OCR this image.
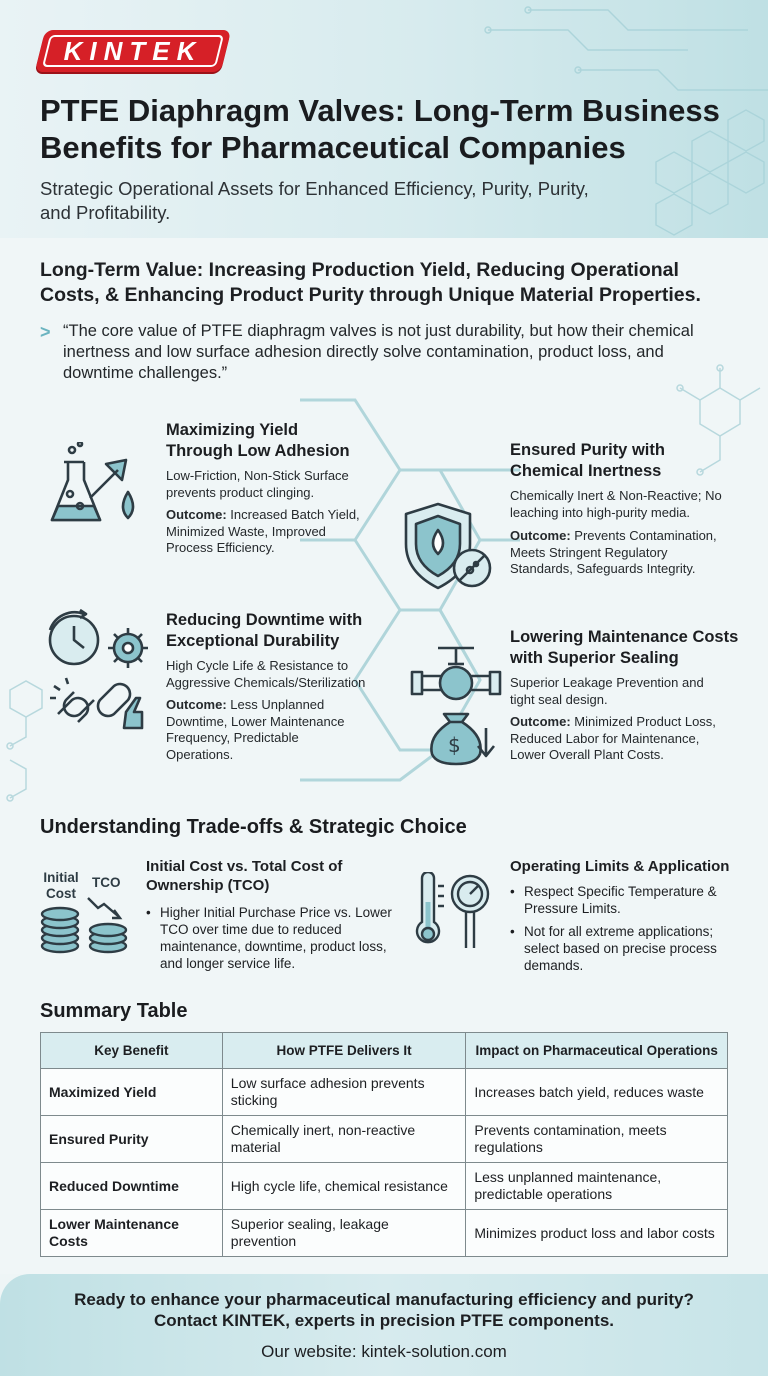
KINTEK
PTFE Diaphragm Valves: Long-Term Business Benefits for Pharmaceutical Companies
Strategic Operational Assets for Enhanced Efficiency, Purity, Purity, and Profitability.
Long-Term Value: Increasing Production Yield, Reducing Operational Costs, & Enhancing Product Purity through Unique Material Properties.
> “The core value of PTFE diaphragm valves is not just durability, but how their chemical inertness and low surface adhesion directly solve contamination, product loss, and downtime challenges.”
Maximizing Yield Through Low Adhesion
Low-Friction, Non-Stick Surface prevents product clinging.
Outcome: Increased Batch Yield, Minimized Waste, Improved Process Efficiency.
Ensured Purity with Chemical Inertness
Chemically Inert & Non-Reactive; No leaching into high-purity media.
Outcome: Prevents Contamination, Meets Stringent Regulatory Standards, Safeguards Integrity.
Reducing Downtime with Exceptional Durability
High Cycle Life & Resistance to Aggressive Chemicals/Sterilization
Outcome: Less Unplanned Downtime, Lower Maintenance Frequency, Predictable Operations.	$
Lowering Maintenance Costs with Superior Sealing
Superior Leakage Prevention and tight seal design.
Outcome: Minimized Product Loss, Reduced Labor for Maintenance, Lower Overall Plant Costs.
Understanding Trade-offs & Strategic Choice
Initial Cost
TCO
Initial Cost vs. Total Cost of Ownership (TCO)
• Higher Initial Purchase Price vs. Lower TCO over time due to reduced maintenance, downtime, product loss, and longer service life.
Operating Limits & Application
• Respect Specific Temperature & Pressure Limits.
• Not for all extreme applications; select based on precise process demands.
Summary Table
Key Benefit	How PTFE Delivers It	Impact on Pharmaceutical Operations
Maximized Yield	Low surface adhesion prevents sticking	Increases batch yield, reduces waste
Ensured Purity	Chemically inert, non-reactive material	Prevents contamination, meets regulations
Reduced Downtime	High cycle life, chemical resistance	Less unplanned maintenance, predictable operations
Lower Maintenance Costs	Superior sealing, leakage prevention	Minimizes product loss and labor costs
Ready to enhance your pharmaceutical manufacturing efficiency and purity?
Contact KINTEK, experts in precision PTFE components.
Our website: kintek-solution.com
